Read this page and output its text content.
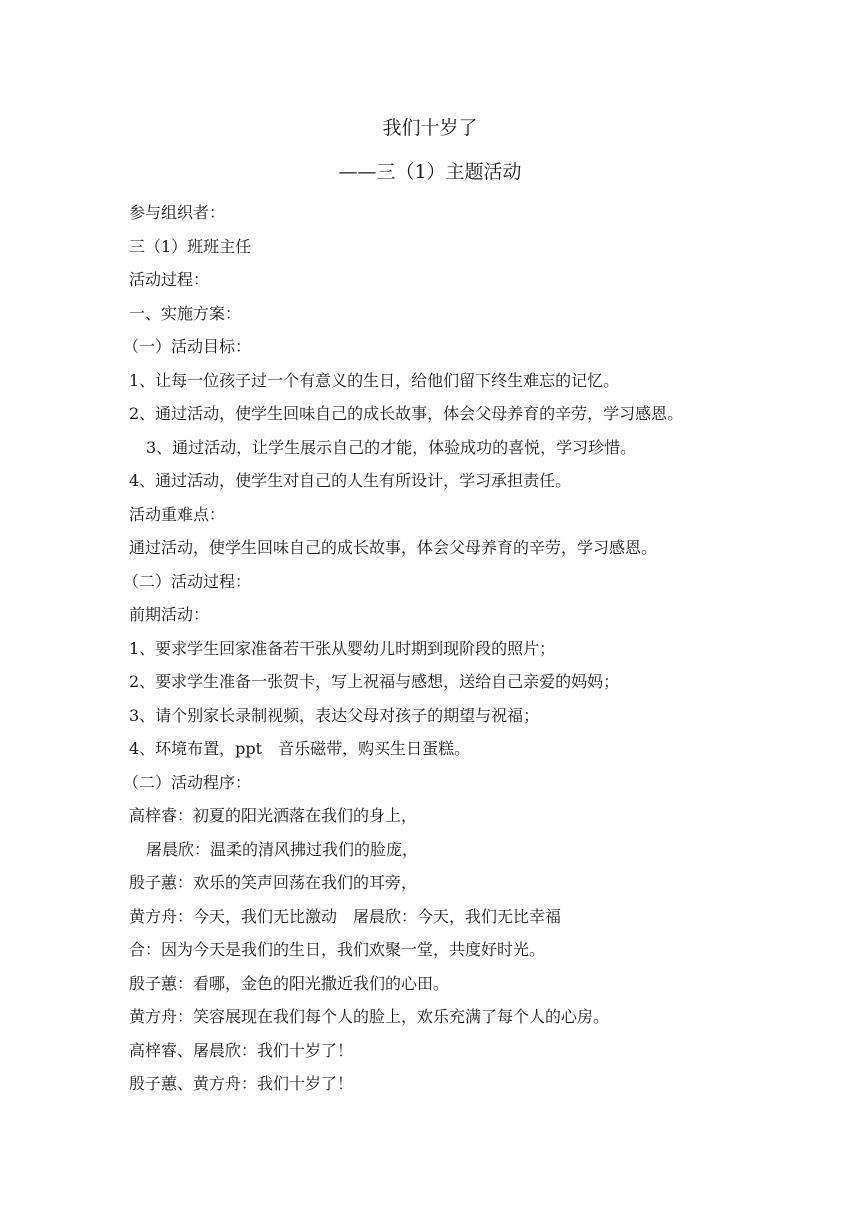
我们十岁了
——三（1）主题活动
参与组织者：
三（1）班班主任
活动过程：
一、实施方案：
（一）活动目标：
1、让每一位孩子过一个有意义的生日，给他们留下终生难忘的记忆。
2、通过活动，使学生回味自己的成长故事，体会父母养育的辛劳，学习感恩。
3、通过活动，让学生展示自己的才能，体验成功的喜悦，学习珍惜。
4、通过活动，使学生对自己的人生有所设计，学习承担责任。
活动重难点：
通过活动，使学生回味自己的成长故事，体会父母养育的辛劳，学习感恩。
（二）活动过程：
前期活动：
1、要求学生回家准备若干张从婴幼儿时期到现阶段的照片；
2、要求学生准备一张贺卡，写上祝福与感想，送给自己亲爱的妈妈；
3、请个别家长录制视频，表达父母对孩子的期望与祝福；
4、环境布置，ppt　音乐磁带，购买生日蛋糕。
（二）活动程序：
高梓睿：初夏的阳光洒落在我们的身上，
屠晨欣：温柔的清风拂过我们的脸庞，
殷子蕙：欢乐的笑声回荡在我们的耳旁，
黄方舟：今天，我们无比激动　屠晨欣：今天，我们无比幸福
合：因为今天是我们的生日，我们欢聚一堂，共度好时光。
殷子蕙：看哪，金色的阳光撒近我们的心田。
黄方舟：笑容展现在我们每个人的脸上，欢乐充满了每个人的心房。
高梓睿、屠晨欣：我们十岁了！
殷子蕙、黄方舟：我们十岁了！
